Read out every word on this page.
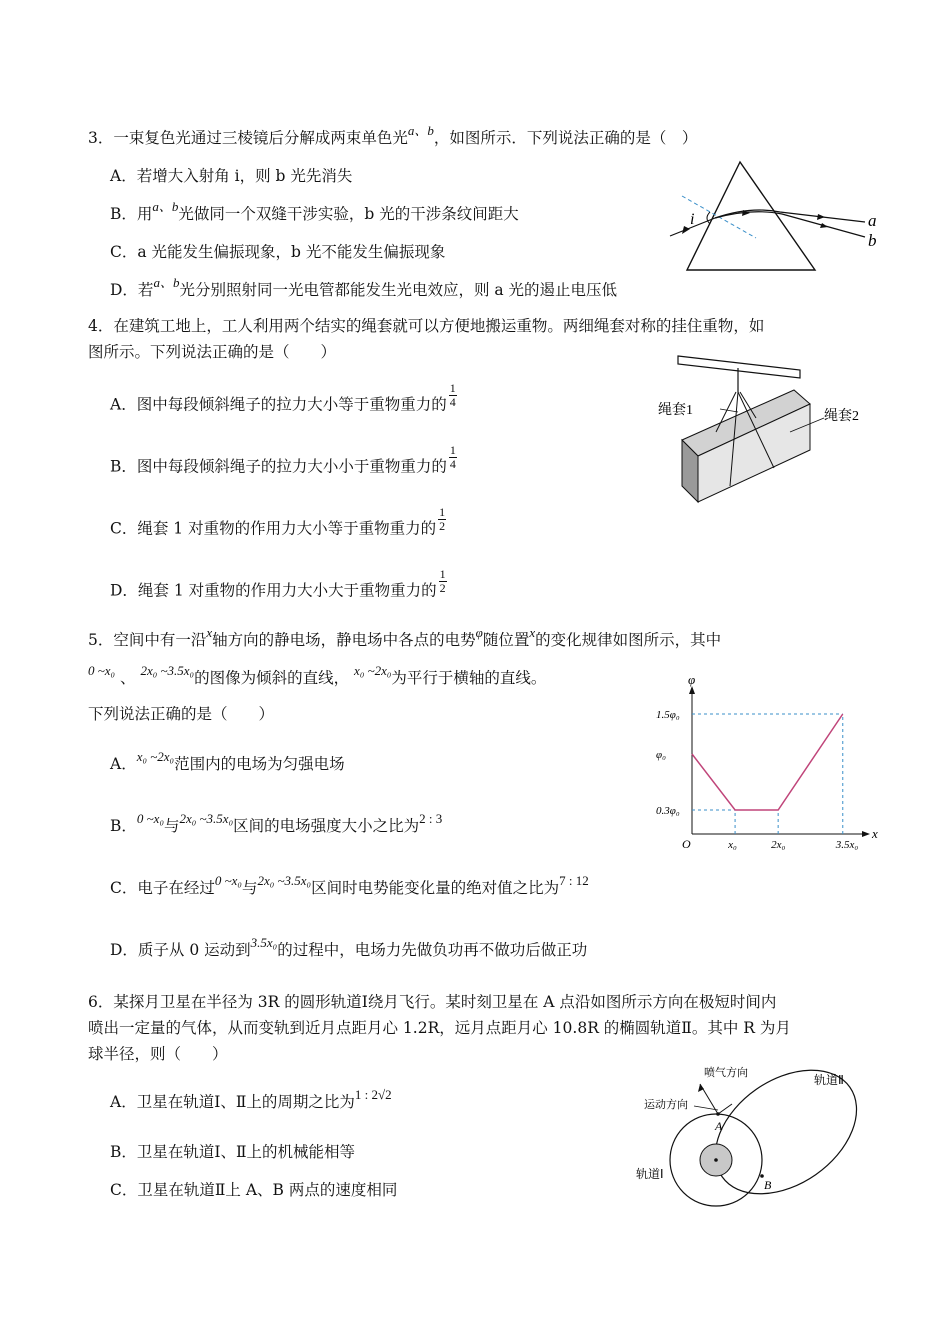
3．一束复色光通过三棱镜后分解成两束单色光$^{a、b}$，如图所示．下列说法正确的是（　）
A．若增大入射角 i，则 b 光先消失
B．用$^{a、b}$光做同一个双缝干涉实验，b 光的干涉条纹间距大
C．a 光能发生偏振现象，b 光不能发生偏振现象
D．若$^{a、b}$光分别照射同一光电管都能发生光电效应，则 a 光的遏止电压低
i	a
b
4．在建筑工地上，工人利用两个结实的绳套就可以方便地搬运重物。两细绳套对称的挂住重物，如
图所示。下列说法正确的是（　　）
A．图中每段倾斜绳子的拉力大小等于重物重力的 $\frac{1}{4}$
B．图中每段倾斜绳子的拉力大小小于重物重力的 $\frac{1}{4}$
C．绳套 1 对重物的作用力大小等于重物重力的 $\frac{1}{2}$
D．绳套 1 对重物的作用力大小大于重物重力的 $\frac{1}{2}$
绳套1	绳套2
5．空间中有一沿$^x$轴方向的静电场，静电场中各点的电势$^\varphi$随位置$^x$的变化规律如图所示，其中
$^{0 \sim x_0}$ 、 $^{2x_0 \sim 3.5x_0}$的图像为倾斜的直线， $^{x_0 \sim 2x_0}$为平行于横轴的直线。
下列说法正确的是（　　）
A．$^{x_0 \sim 2x_0}$范围内的电场为匀强电场
B．$^{0 \sim x_0}$与$^{2x_0 \sim 3.5x_0}$区间的电场强度大小之比为$^{2 : 3}$
C．电子在经过$^{0 \sim x_0}$与$^{2x_0 \sim 3.5x_0}$区间时电势能变化量的绝对值之比为$^{7 : 12}$
D．质子从 0 运动到$^{3.5x_0}$的过程中，电场力先做负功再不做功后做正功
x
φ
O	x₀	2x₀	3.5x₀
0.3φ₀
φ₀
1.5φ₀
6．某探月卫星在半径为 3R 的圆形轨道Ⅰ绕月飞行。某时刻卫星在 A 点沿如图所示方向在极短时间内
喷出一定量的气体，从而变轨到近月点距月心 1.2R，远月点距月心 10.8R 的椭圆轨道Ⅱ。其中 R 为月
球半径，则（　　）
A．卫星在轨道Ⅰ、Ⅱ上的周期之比为$^{1 : 2√2}$
B．卫星在轨道Ⅰ、Ⅱ上的机械能相等
C．卫星在轨道Ⅱ上 A、B 两点的速度相同
喷气方向
运动方向
轨道Ⅱ
轨道Ⅰ
A
B
